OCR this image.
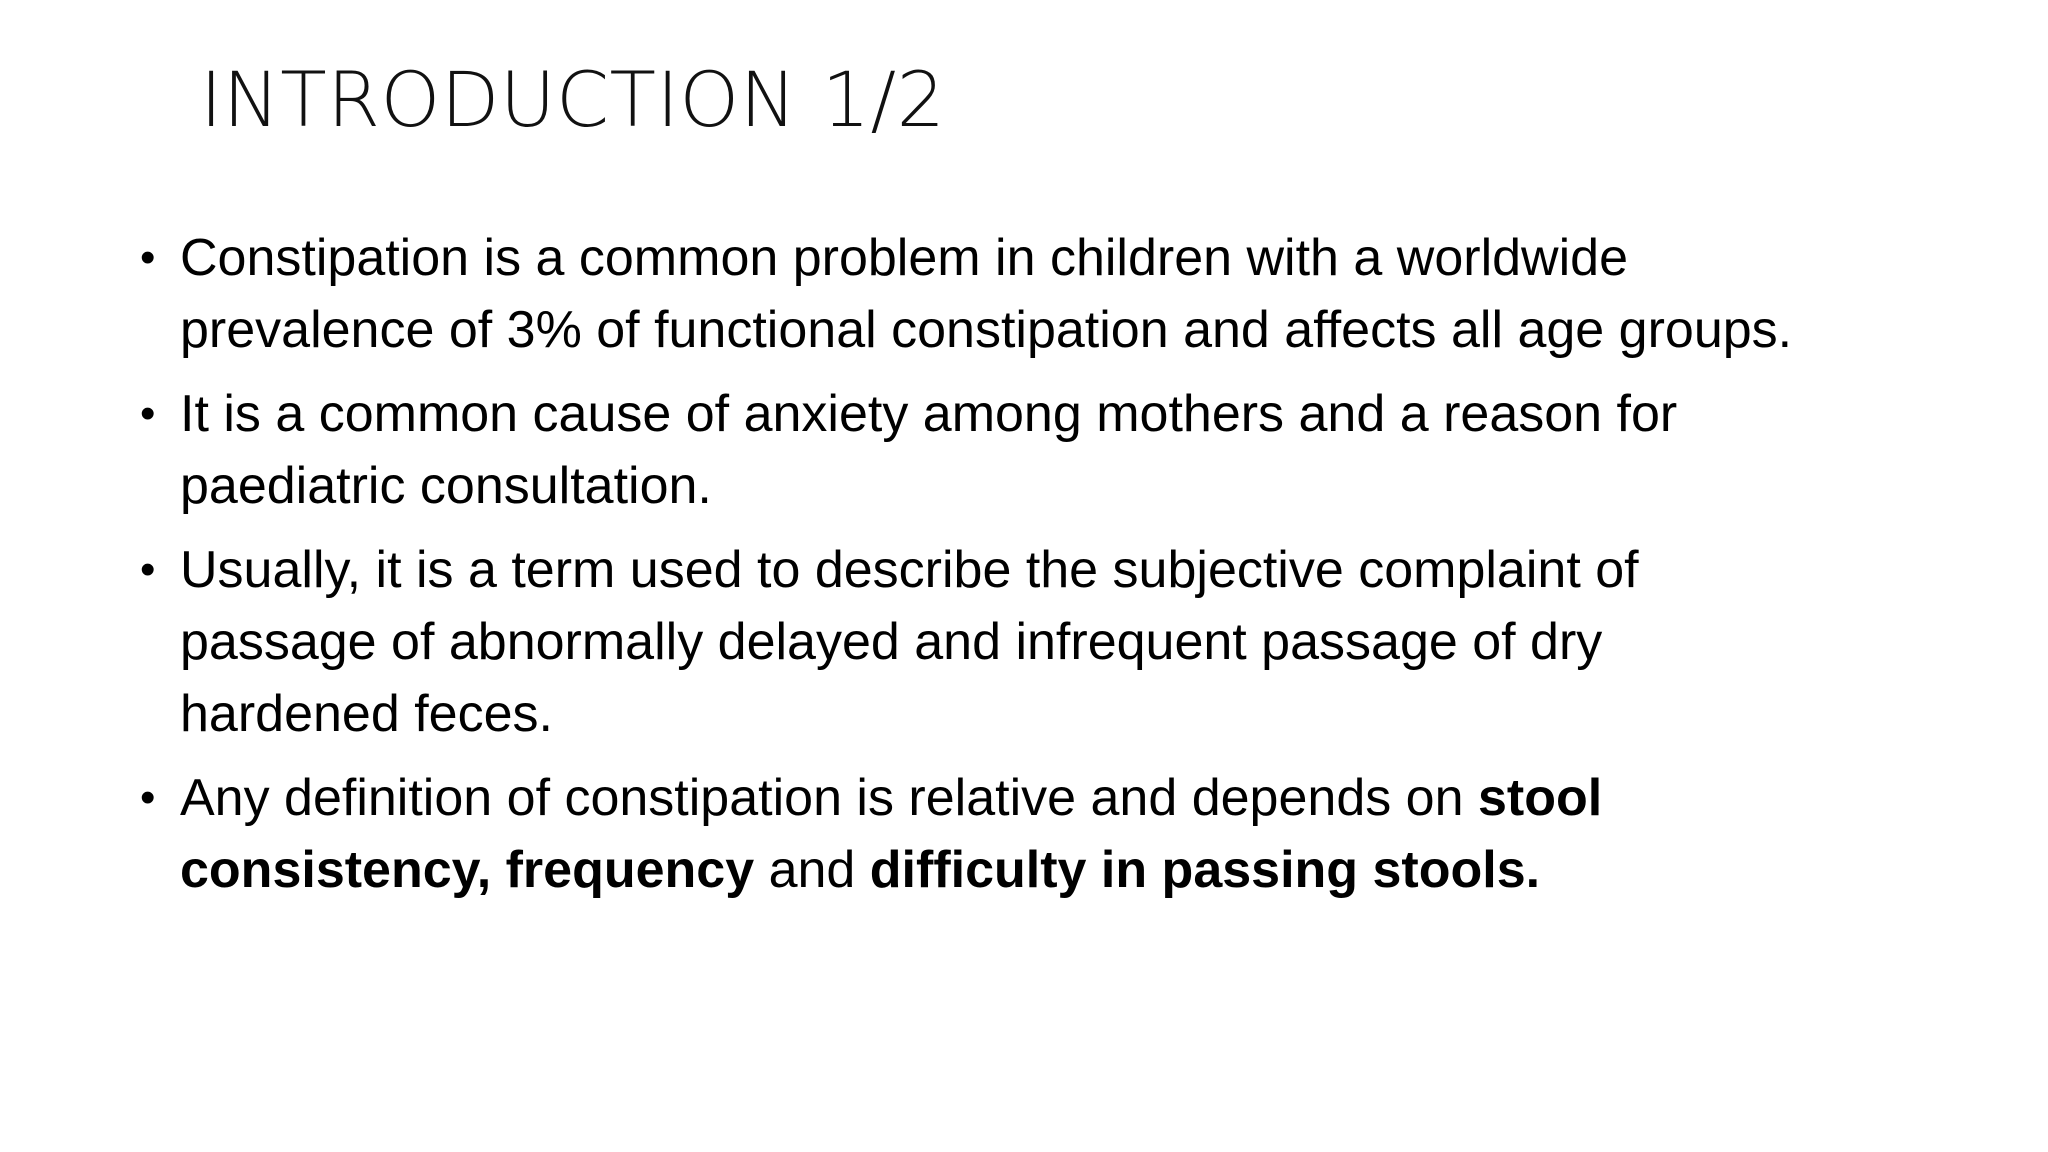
INTRODUCTION 1/2
• Constipation is a common problem in children with a worldwide prevalence of 3% of functional constipation and affects all age groups.
• It is a common cause of anxiety among mothers and a reason for paediatric consultation.
• Usually, it is a term used to describe the subjective complaint of passage of abnormally delayed and infrequent passage of dry hardened feces.
• Any definition of constipation is relative and depends on stool consistency, frequency and difficulty in passing stools.
